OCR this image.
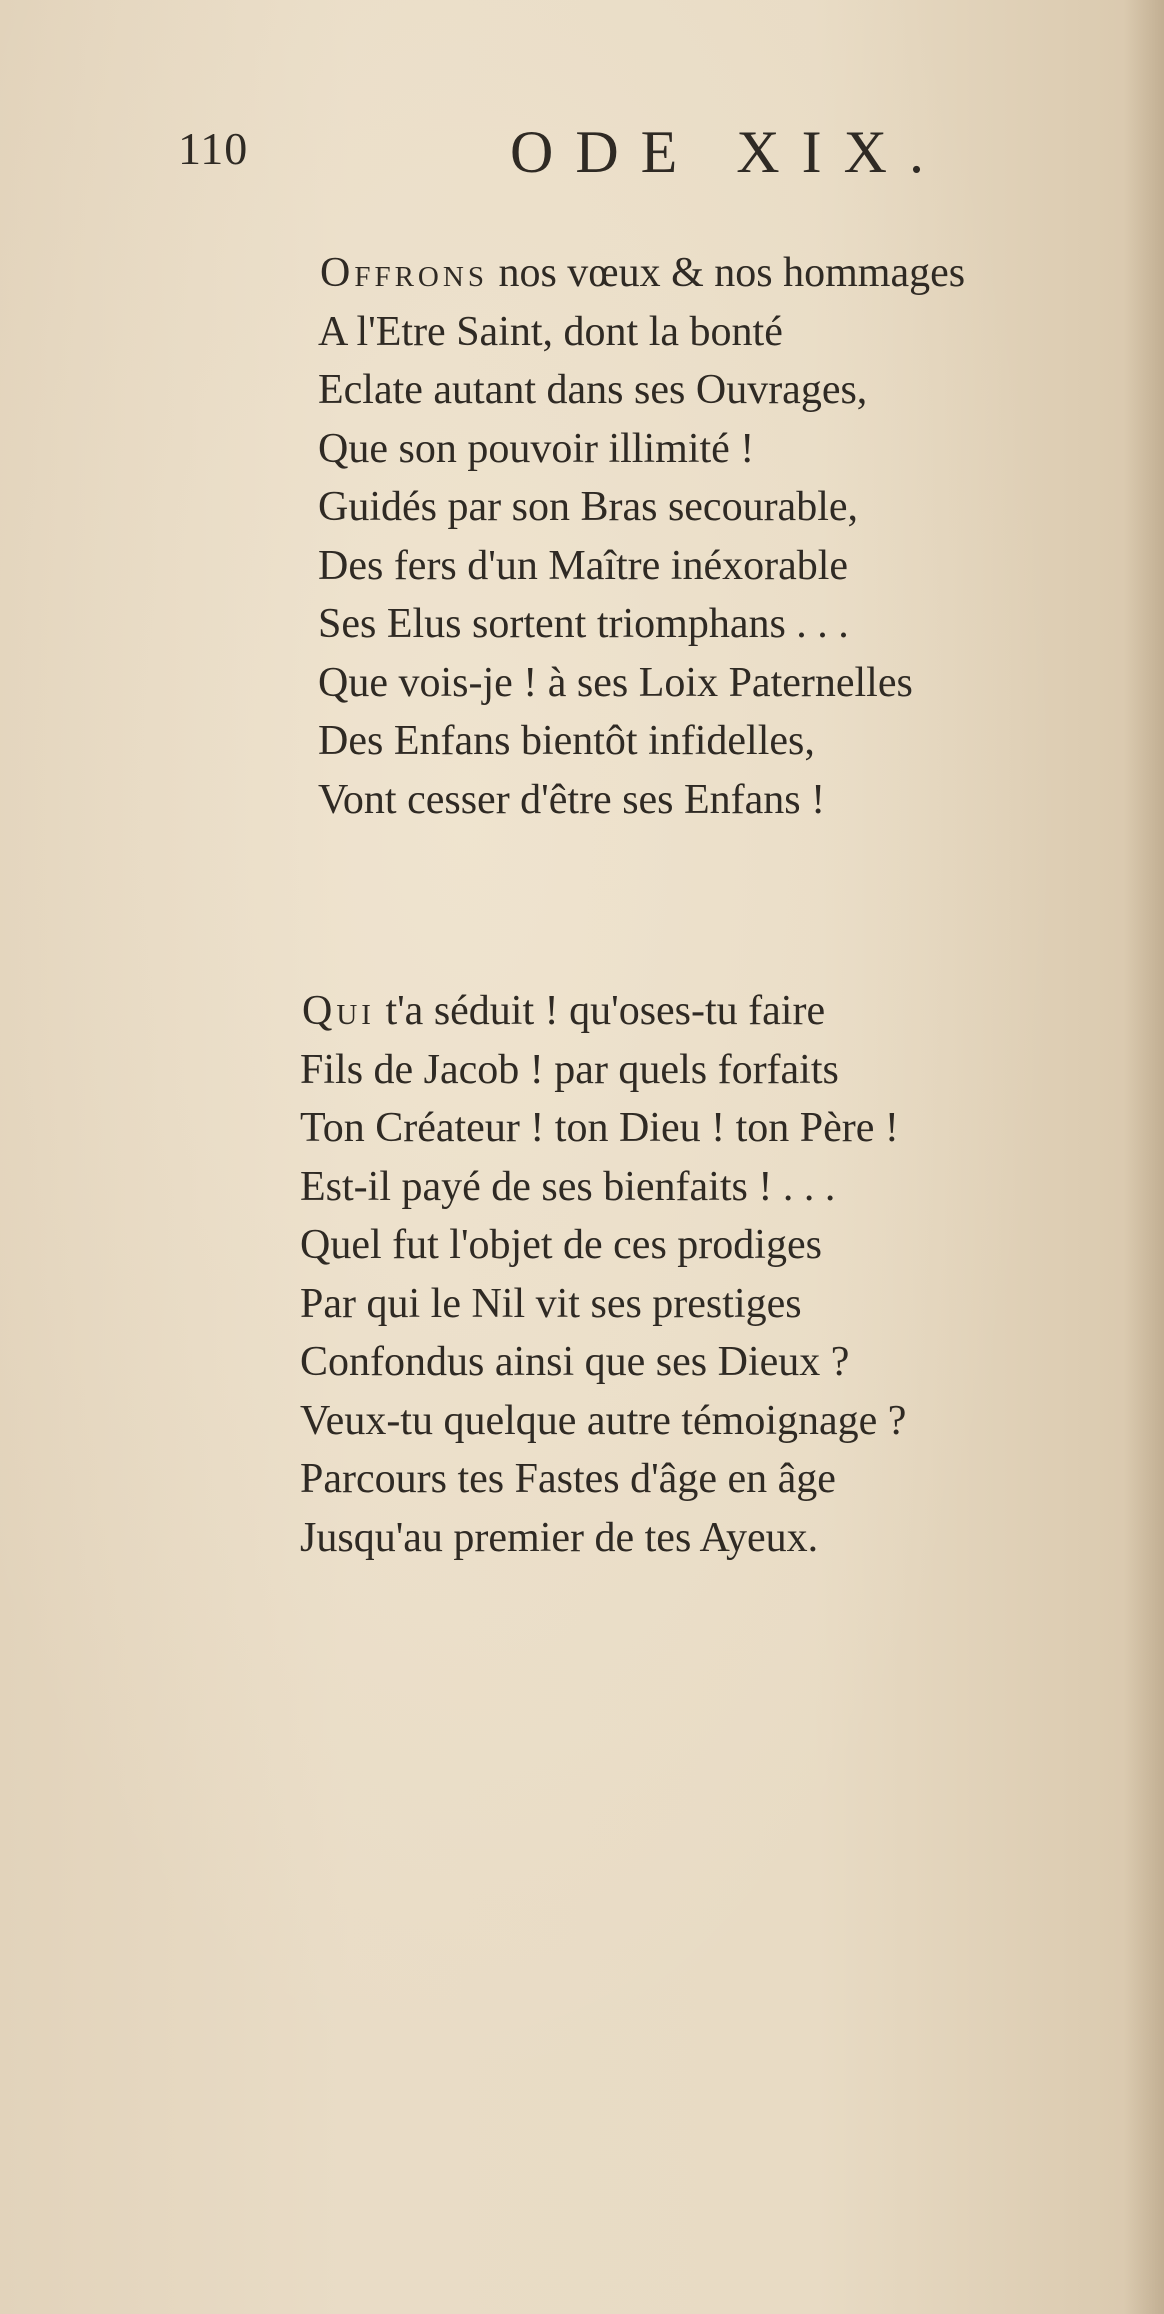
110	ODE XIX.
Offrons nos vœux & nos hommages
A l'Etre Saint, dont la bonté
Eclate autant dans ses Ouvrages,
Que son pouvoir illimité !
Guidés par son Bras secourable,
Des fers d'un Maître inéxorable
Ses Elus sortent triomphans . . .
Que vois-je ! à ses Loix Paternelles
Des Enfans bientôt infidelles,
Vont cesser d'être ses Enfans !
Qui t'a séduit ! qu'oses-tu faire
Fils de Jacob ! par quels forfaits
Ton Créateur ! ton Dieu ! ton Père !
Est-il payé de ses bienfaits ! . . .
Quel fut l'objet de ces prodiges
Par qui le Nil vit ses prestiges
Confondus ainsi que ses Dieux ?
Veux-tu quelque autre témoignage ?
Parcours tes Fastes d'âge en âge
Jusqu'au premier de tes Ayeux.
